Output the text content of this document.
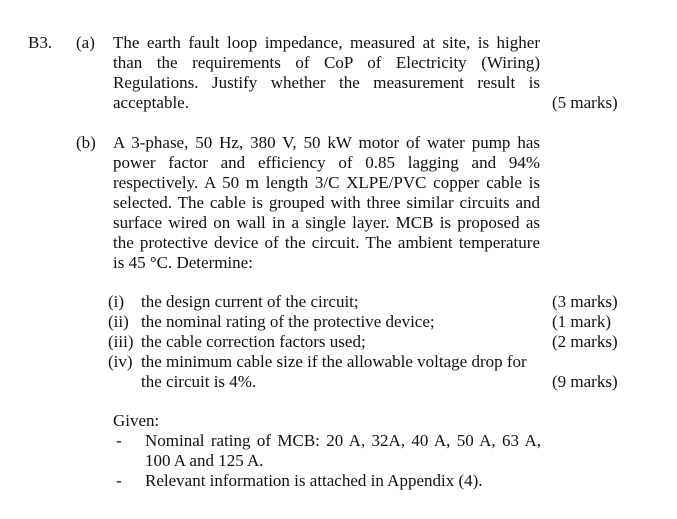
B3. (a) The earth fault loop impedance, measured at site, is higher than the requirements of CoP of Electricity (Wiring) Regulations. Justify whether the measurement result is acceptable.	(5 marks)
(b) A 3-phase, 50 Hz, 380 V, 50 kW motor of water pump has power factor and efficiency of 0.85 lagging and 94% respectively. A 50 m length 3/C XLPE/PVC copper cable is selected. The cable is grouped with three similar circuits and surface wired on wall in a single layer. MCB is proposed as the protective device of the circuit. The ambient temperature is 45 °C. Determine:
(i) the design current of the circuit;	(3 marks)
(ii) the nominal rating of the protective device;	(1 mark)
(iii) the cable correction factors used;	(2 marks)
(iv) the minimum cable size if the allowable voltage drop for
the circuit is 4%.	(9 marks)
Given:
- Nominal rating of MCB: 20 A, 32A, 40 A, 50 A, 63 A, 100 A and 125 A.
- Relevant information is attached in Appendix (4).
